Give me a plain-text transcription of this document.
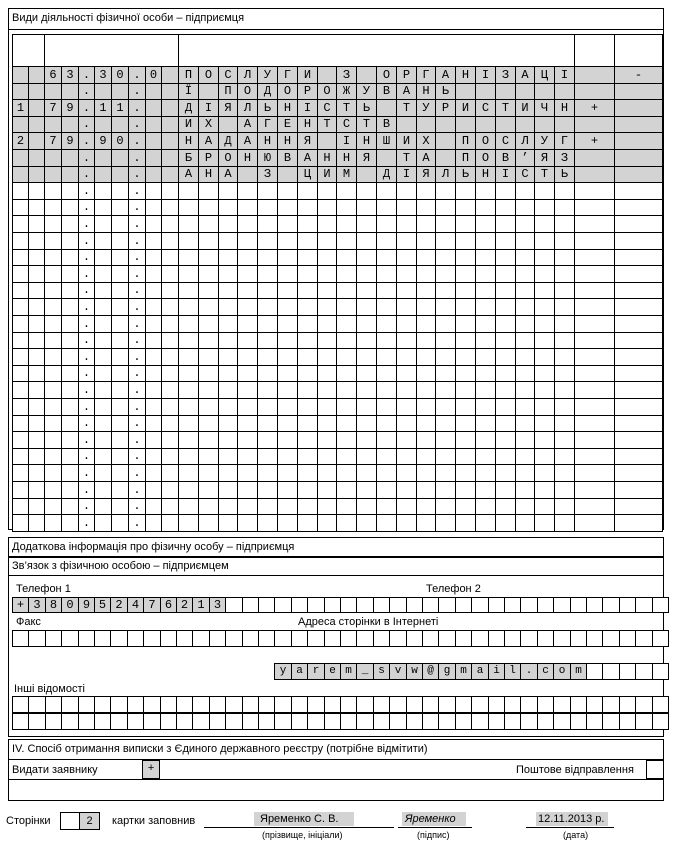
Види діяльності фізичної особи – підприємця
6 3 . 3 0 . 0	П	О	С	Л	У	Г	И	З	О	Р	Г	А	Н	І	З	А	Ц	І	-
.	.	Ї	П	О	Д	О	Р	О	Ж	У	В	А	Н	Ь
1	7 9 . 1 1 .	Д	І	Я	Л	Ь	Н	І	С	Т	Ь	Т	У	Р	И	С	Т	И	Ч	Н	+
.	.	И	Х	А	Г	Е	Н	Т	С	Т	В
2	7 9 . 9 0 .	Н	А	Д	А	Н	Н	Я	І	Н	Ш	И	Х	П	О	С	Л	У	Г	+
.	.	Б	Р	О	Н	Ю	В	А	Н	Н	Я	Т	А	П	О	В	’	Я	З
.	.	А	Н	А	З	Ц	И	М	Д	І	Я	Л	Ь	Н	І	С	Т	Ь
.	.
.	.
.	.
.	.
.	.
.	.
.	.
.	.
.	.
.	.
.	.
.	.
.	.
.	.
.	.
.	.
.	.
.	.
.	.
.	.
.	.
Додаткова інформація про фізичну особу – підприємця
Зв’язок з фізичною особою – підприємцем
Телефон 1	Телефон 2
+ 3 8 0 9 5 2 4 7 6 2 1 3
Факс	Адреса сторінки в Інтернеті
y a r e m _ s v w @ g m a i l . c o m
Інші відомості
IV. Спосіб отримання виписки з Єдиного державного реєстру (потрібне відмітити)
Видати заявнику	+	Поштове відправлення
Сторінки	2	картки заповнив	Яременко С. В.
(прізвище, ініціали)
Яременко
(підпис)
12.11.2013 р.
(дата)
